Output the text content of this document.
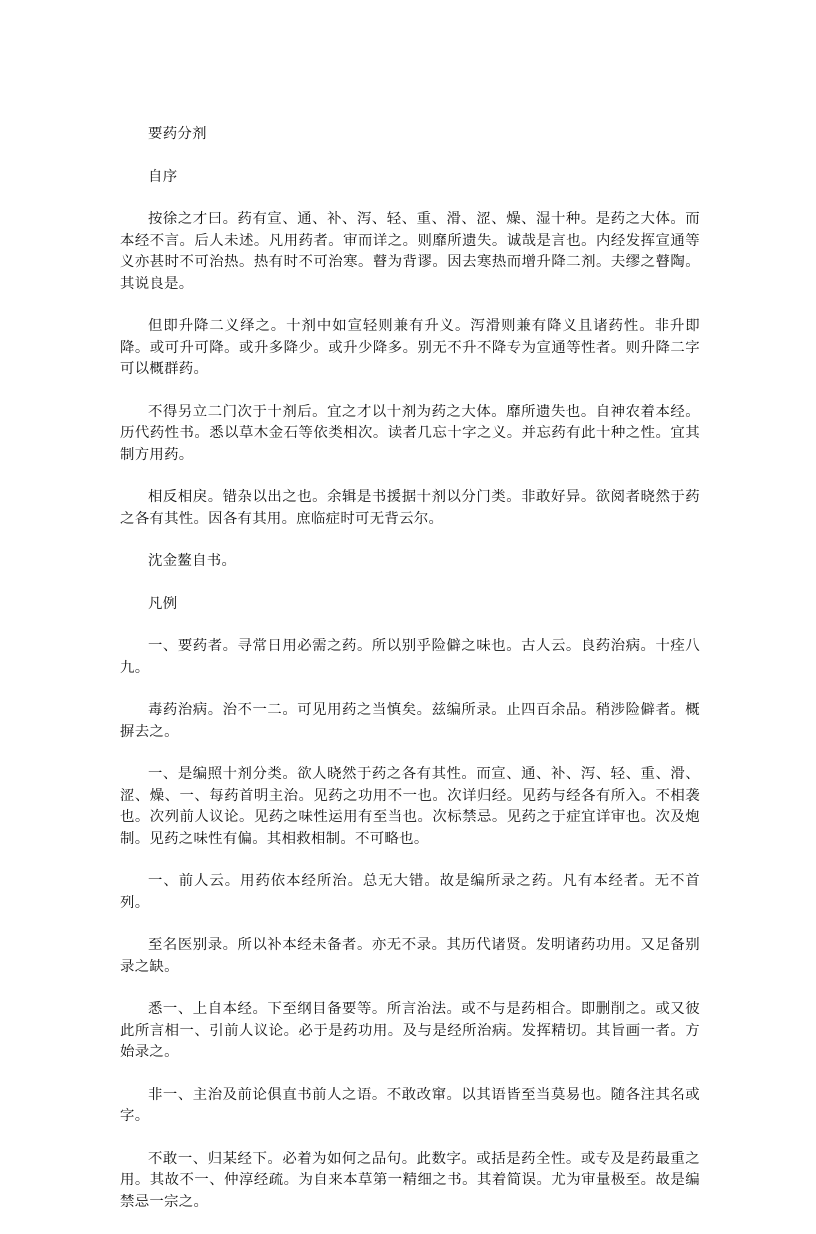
要药分剂

自序

按徐之才曰。药有宣、通、补、泻、轻、重、滑、涩、燥、湿十种。是药之大体。而本经不言。后人未述。凡用药者。审而详之。则靡所遗失。诚哉是言也。内经发挥宣通等义亦甚时不可治热。热有时不可治寒。瞽为背谬。因去寒热而增升降二剂。夫缪之瞽陶。其说良是。

但即升降二义绎之。十剂中如宣轻则兼有升义。泻滑则兼有降义且诸药性。非升即降。或可升可降。或升多降少。或升少降多。别无不升不降专为宣通等性者。则升降二字可以概群药。

不得另立二门次于十剂后。宜之才以十剂为药之大体。靡所遗失也。自神农着本经。历代药性书。悉以草木金石等依类相次。读者几忘十字之义。并忘药有此十种之性。宜其制方用药。

相反相戾。错杂以出之也。余辑是书援据十剂以分门类。非敢好异。欲阅者晓然于药之各有其性。因各有其用。庶临症时可无背云尔。

沈金鳌自书。

凡例

一、要药者。寻常日用必需之药。所以别乎险僻之味也。古人云。良药治病。十痊八九。

毒药治病。治不一二。可见用药之当慎矣。兹编所录。止四百余品。稍涉险僻者。概摒去之。

一、是编照十剂分类。欲人晓然于药之各有其性。而宣、通、补、泻、轻、重、滑、涩、燥、一、每药首明主治。见药之功用不一也。次详归经。见药与经各有所入。不相袭也。次列前人议论。见药之味性运用有至当也。次标禁忌。见药之于症宜详审也。次及炮制。见药之味性有偏。其相救相制。不可略也。

一、前人云。用药依本经所治。总无大错。故是编所录之药。凡有本经者。无不首列。

至名医别录。所以补本经未备者。亦无不录。其历代诸贤。发明诸药功用。又足备别录之缺。

悉一、上自本经。下至纲目备要等。所言治法。或不与是药相合。即删削之。或又彼此所言相一、引前人议论。必于是药功用。及与是经所治病。发挥精切。其旨画一者。方始录之。

非一、主治及前论俱直书前人之语。不敢改窜。以其语皆至当莫易也。随各注其名或字。

不敢一、归某经下。必着为如何之品句。此数字。或括是药全性。或专及是药最重之用。其故不一、仲淳经疏。为自来本草第一精细之书。其着简误。尤为审量极至。故是编禁忌一宗之。
